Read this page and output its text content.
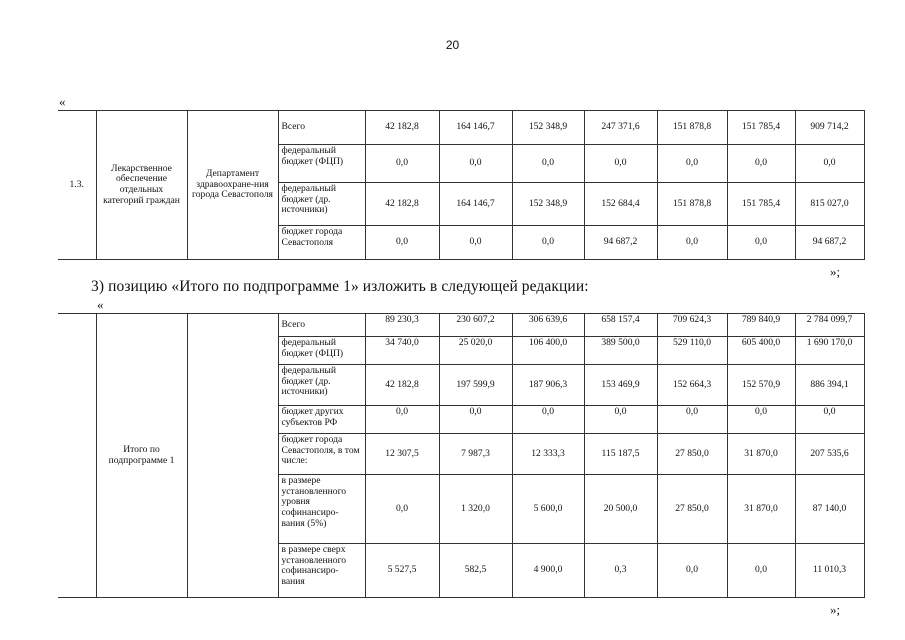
20
«
1.3.	Лекарственное обеспечение отдельных категорий граждан	Департамент здравоохране-ния города Севастополя	Всего	42 182,8	164 146,7	152 348,9	247 371,6	151 878,8	151 785,4	909 714,2
			федеральный бюджет (ФЦП)	0,0	0,0	0,0	0,0	0,0	0,0	0,0
			федеральный бюджет (др. источники)	42 182,8	164 146,7	152 348,9	152 684,4	151 878,8	151 785,4	815 027,0
			бюджет города Севастополя	0,0	0,0	0,0	94 687,2	0,0	0,0	94 687,2
»;
3) позицию «Итого по подпрограмме 1» изложить в следующей редакции:
«
	Итого по подпрограмме 1		Всего	89 230,3	230 607,2	306 639,6	658 157,4	709 624,3	789 840,9	2 784 099,7
			федеральный бюджет (ФЦП)	34 740,0	25 020,0	106 400,0	389 500,0	529 110,0	605 400,0	1 690 170,0
			федеральный бюджет (др. источники)	42 182,8	197 599,9	187 906,3	153 469,9	152 664,3	152 570,9	886 394,1
			бюджет других субъектов РФ	0,0	0,0	0,0	0,0	0,0	0,0	0,0
			бюджет города Севастополя, в том числе:	12 307,5	7 987,3	12 333,3	115 187,5	27 850,0	31 870,0	207 535,6
			в размере установленного уровня софинансиро-вания (5%)	0,0	1 320,0	5 600,0	20 500,0	27 850,0	31 870,0	87 140,0
			в размере сверх установленного софинансиро-вания	5 527,5	582,5	4 900,0	0,3	0,0	0,0	11 010,3
»;
